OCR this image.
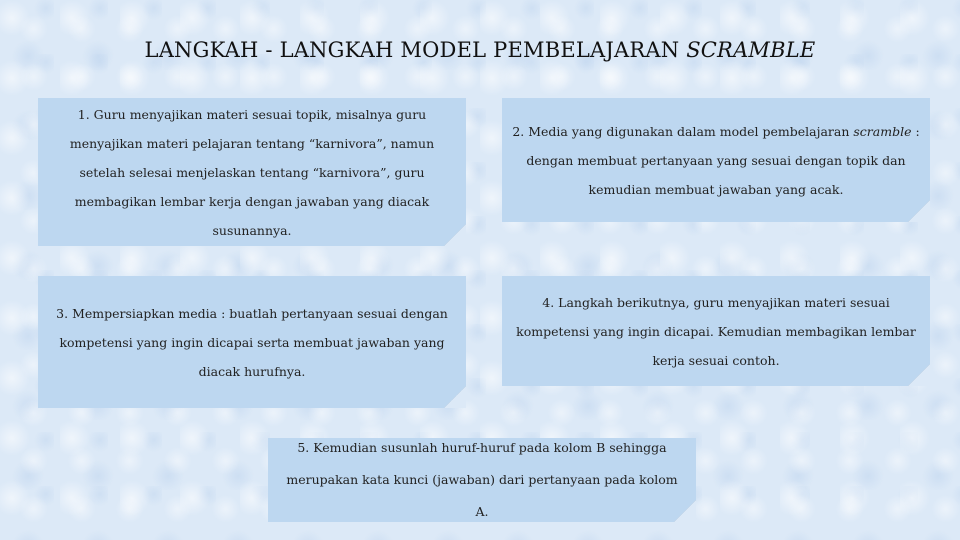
LANGKAH - LANGKAH MODEL PEMBELAJARAN SCRAMBLE
1. Guru menyajikan materi sesuai topik, misalnya guru menyajikan materi pelajaran tentang “karnivora”, namun setelah selesai menjelaskan tentang “karnivora”, guru membagikan lembar kerja dengan jawaban yang diacak susunannya.
2. Media yang digunakan dalam model pembelajaran scramble : dengan membuat pertanyaan yang sesuai dengan topik dan kemudian membuat jawaban yang acak.
3. Mempersiapkan media : buatlah pertanyaan sesuai dengan kompetensi yang ingin dicapai serta membuat jawaban yang diacak hurufnya.
4. Langkah berikutnya, guru menyajikan materi sesuai kompetensi yang ingin dicapai. Kemudian membagikan lembar kerja sesuai contoh.
5. Kemudian susunlah huruf-huruf pada kolom B sehingga merupakan kata kunci (jawaban) dari pertanyaan pada kolom A.
